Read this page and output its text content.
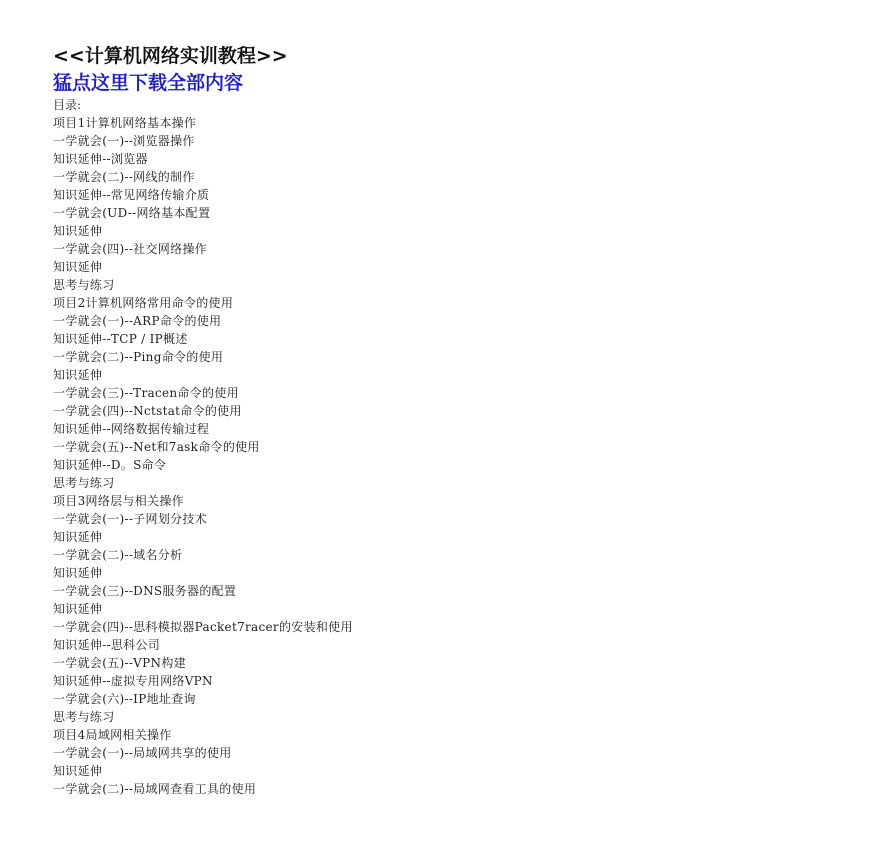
<<计算机网络实训教程>>
猛点这里下载全部内容
目录:
项目1计算机网络基本操作
一学就会(一)--浏览器操作
知识延伸--浏览器
一学就会(二)--网线的制作
知识延伸--常见网络传输介质
一学就会(UD--网络基本配置
知识延伸
一学就会(四)--社交网络操作
知识延伸
思考与练习
项目2计算机网络常用命令的使用
一学就会(一)--ARP命令的使用
知识延伸--TCP / IP概述
一学就会(二)--Ping命令的使用
知识延伸
一学就会(三)--Tracen命令的使用
一学就会(四)--Nctstat命令的使用
知识延伸--网络数据传输过程
一学就会(五)--Net和7ask命令的使用
知识延伸--D。S命令
思考与练习
项目3网络层与相关操作
一学就会(一)--子网划分技术
知识延伸
一学就会(二)--域名分析
知识延伸
一学就会(三)--DNS服务器的配置
知识延伸
一学就会(四)--思科模拟器Packet7racer的安装和使用
知识延伸--思科公司
一学就会(五)--VPN构建
知识延伸--虚拟专用网络VPN
一学就会(六)--IP地址查询
思考与练习
项目4局域网相关操作
一学就会(一)--局域网共享的使用
知识延伸
一学就会(二)--局域网查看工具的使用
